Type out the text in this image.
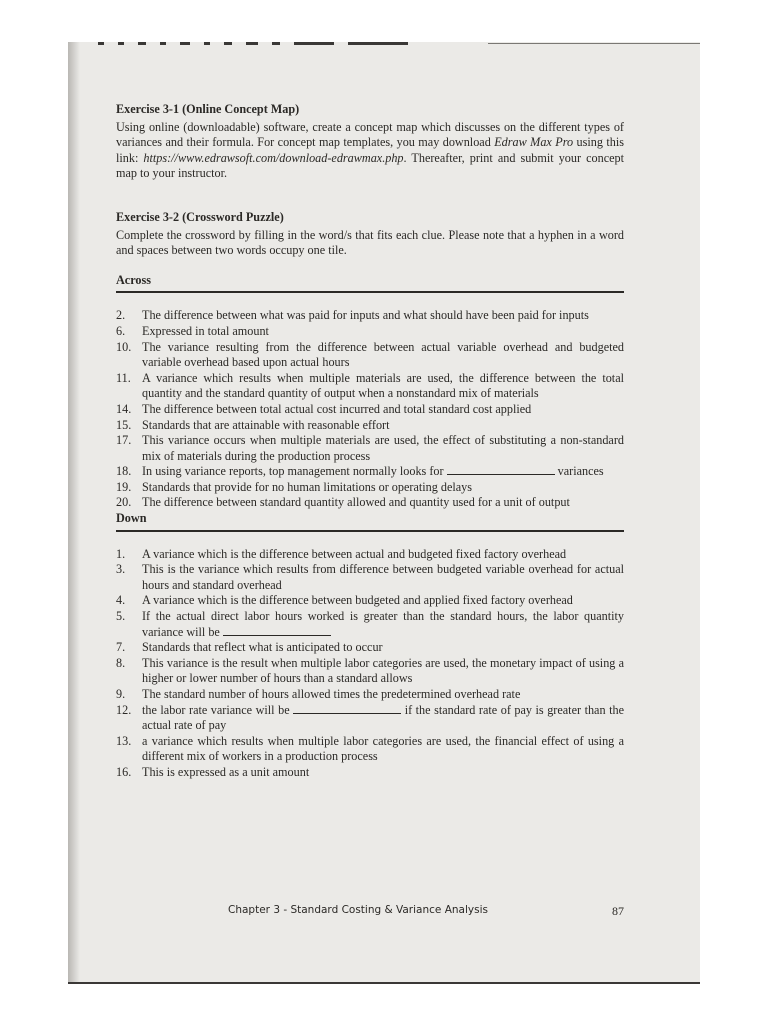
Exercise 3-1 (Online Concept Map)

Using online (downloadable) software, create a concept map which discusses on the different types of variances and their formula. For concept map templates, you may download Edraw Max Pro using this link: https://www.edrawsoft.com/download-edrawmax.php. Thereafter, print and submit your concept map to your instructor.

Exercise 3-2 (Crossword Puzzle)

Complete the crossword by filling in the word/s that fits each clue. Please note that a hyphen in a word and spaces between two words occupy one tile.

Across
2.	The difference between what was paid for inputs and what should have been paid for inputs
6.	Expressed in total amount
10. The variance resulting from the difference between actual variable overhead and budgeted variable overhead based upon actual hours
11. A variance which results when multiple materials are used, the difference between the total quantity and the standard quantity of output when a nonstandard mix of materials
14. The difference between total actual cost incurred and total standard cost applied
15. Standards that are attainable with reasonable effort
17. This variance occurs when multiple materials are used, the effect of substituting a non-standard mix of materials during the production process
18. In using variance reports, top management normally looks for	variances
19. Standards that provide for no human limitations or operating delays
20. The difference between standard quantity allowed and quantity used for a unit of output
Down
1.	A variance which is the difference between actual and budgeted fixed factory overhead
3.	This is the variance which results from difference between budgeted variable overhead for actual hours and standard overhead
4.	A variance which is the difference between budgeted and applied fixed factory overhead
5.	If the actual direct labor hours worked is greater than the standard hours, the labor quantity variance will be
7.	Standards that reflect what is anticipated to occur
8.	This variance is the result when multiple labor categories are used, the monetary impact of using a higher or lower number of hours than a standard allows
9.	The standard number of hours allowed times the predetermined overhead rate
12. the labor rate variance will be	if the standard rate of pay is greater than the actual rate of pay
13. a variance which results when multiple labor categories are used, the financial effect of using a different mix of workers in a production process
16. This is expressed as a unit amount
Chapter 3 - Standard Costing & Variance Analysis	87
